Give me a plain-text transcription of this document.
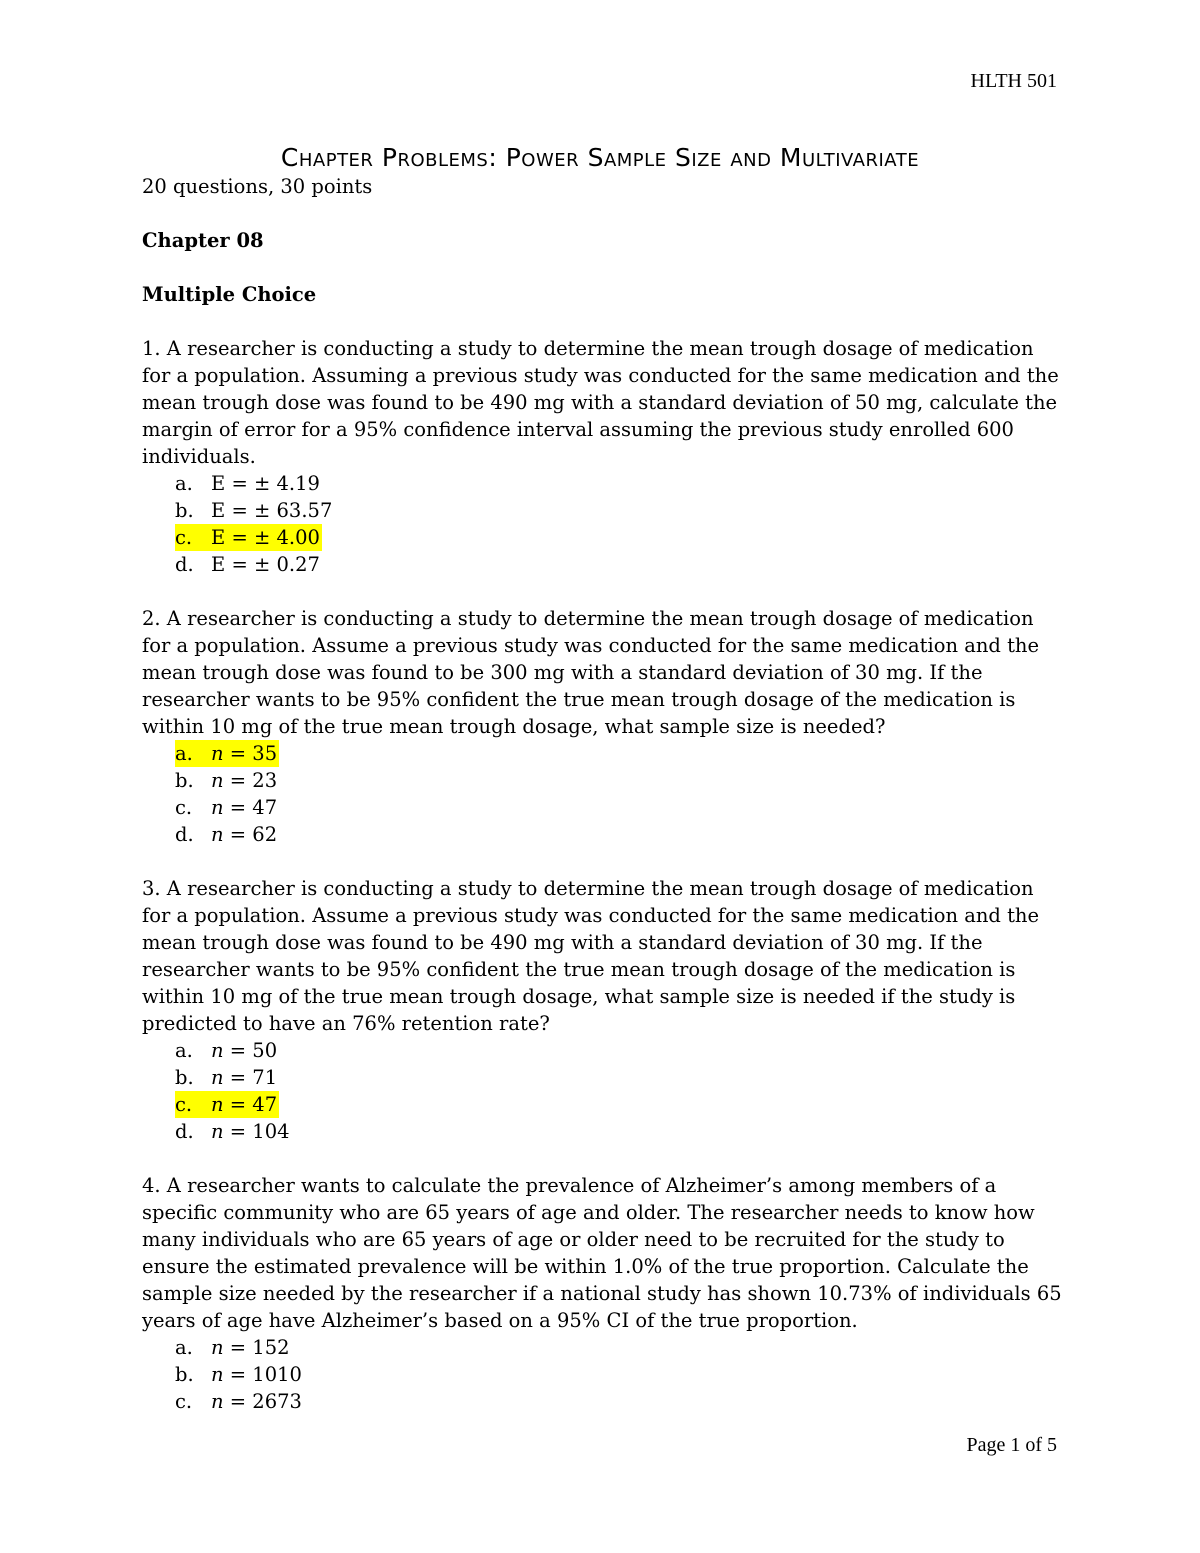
HLTH 501
Chapter Problems: Power Sample Size and Multivariate

20 questions, 30 points

Chapter 08

Multiple Choice

1. A researcher is conducting a study to determine the mean trough dosage of medication for a population. Assuming a previous study was conducted for the same medication and the mean trough dose was found to be 490 mg with a standard deviation of 50 mg, calculate the margin of error for a 95% confidence interval assuming the previous study enrolled 600 individuals.

a. E = ± 4.19
b. E = ± 63.57
c. E = ± 4.00
d. E = ± 0.27

2. A researcher is conducting a study to determine the mean trough dosage of medication for a population. Assume a previous study was conducted for the same medication and the mean trough dose was found to be 300 mg with a standard deviation of 30 mg. If the researcher wants to be 95% confident the true mean trough dosage of the medication is within 10 mg of the true mean trough dosage, what sample size is needed?

a. n = 35
b. n = 23
c. n = 47
d. n = 62

3. A researcher is conducting a study to determine the mean trough dosage of medication for a population. Assume a previous study was conducted for the same medication and the mean trough dose was found to be 490 mg with a standard deviation of 30 mg. If the researcher wants to be 95% confident the true mean trough dosage of the medication is within 10 mg of the true mean trough dosage, what sample size is needed if the study is predicted to have an 76% retention rate?

a. n = 50
b. n = 71
c. n = 47
d. n = 104

4. A researcher wants to calculate the prevalence of Alzheimer’s among members of a specific community who are 65 years of age and older. The researcher needs to know how many individuals who are 65 years of age or older need to be recruited for the study to ensure the estimated prevalence will be within 1.0% of the true proportion. Calculate the sample size needed by the researcher if a national study has shown 10.73% of individuals 65 years of age have Alzheimer’s based on a 95% CI of the true proportion.

a. n = 152
b. n = 1010
c. n = 2673
Page 1 of 5
